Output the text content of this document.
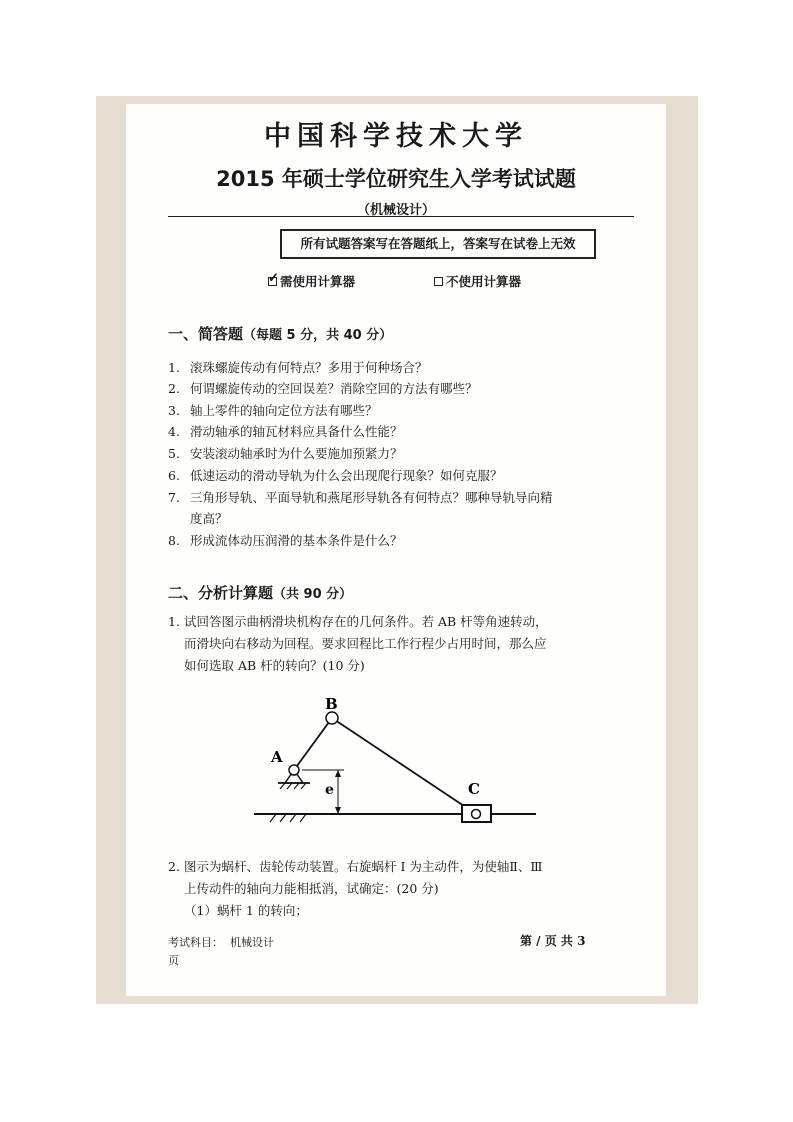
中国科学技术大学
2015 年硕士学位研究生入学考试试题
（机械设计）
所有试题答案写在答题纸上，答案写在试卷上无效
✓
需使用计算器	不使用计算器
一、简答题（每题 5 分，共 40 分）
1. 滚珠螺旋传动有何特点？多用于何种场合？
2. 何谓螺旋传动的空回误差？消除空回的方法有哪些？
3. 轴上零件的轴向定位方法有哪些？
4. 滑动轴承的轴瓦材料应具备什么性能？
5. 安装滚动轴承时为什么要施加预紧力？
6. 低速运动的滑动导轨为什么会出现爬行现象？如何克服？
7. 三角形导轨、平面导轨和燕尾形导轨各有何特点？哪种导轨导向精
度高？
8. 形成流体动压润滑的基本条件是什么？
二、分析计算题（共 90 分）
1. 试回答图示曲柄滑块机构存在的几何条件。若 AB 杆等角速转动，
而滑块向右移动为回程。要求回程比工作行程少占用时间，那么应
如何选取 AB 杆的转向？(10 分)
B
A
C
e
2. 图示为蜗杆、齿轮传动装置。右旋蜗杆 I 为主动件，为使轴Ⅱ、Ⅲ
上传动件的轴向力能相抵消，试确定：(20 分)
（1）蜗杆 1 的转向；
考试科目： 机械设计
页
第 / 页 共 3
